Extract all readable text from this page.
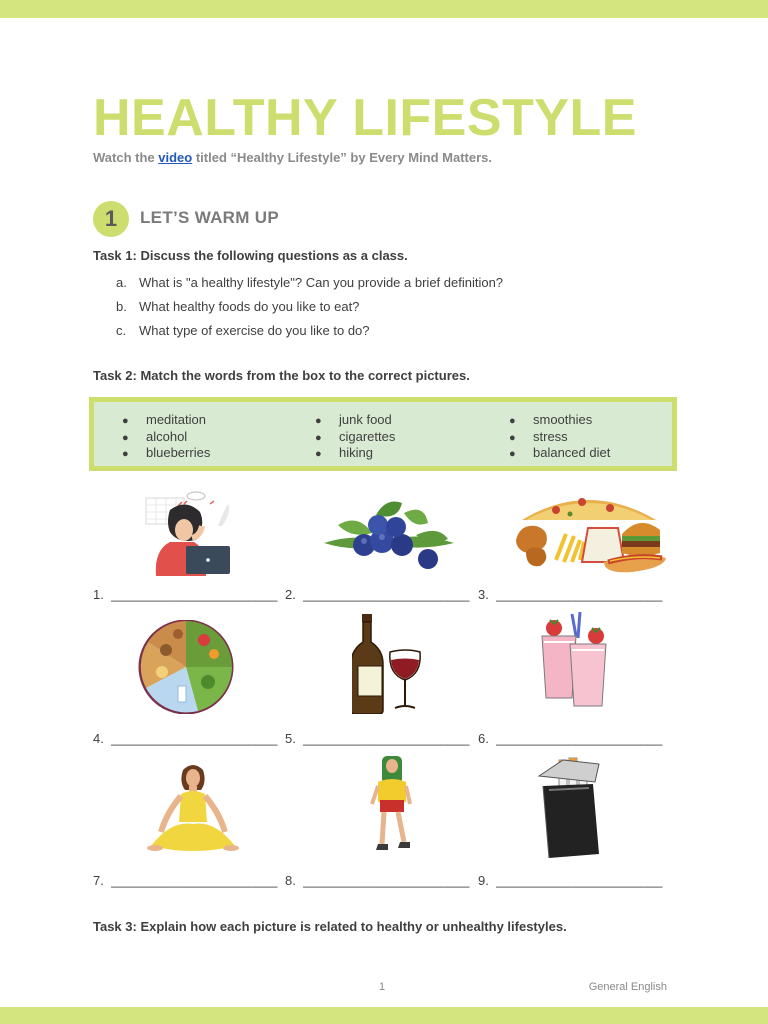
HEALTHY LIFESTYLE
Watch the video titled “Healthy Lifestyle” by Every Mind Matters.
1	LET’S WARM UP
Task 1: Discuss the following questions as a class.
a. What is "a healthy lifestyle"? Can you provide a brief definition?
b. What healthy foods do you like to eat?
c. What type of exercise do you like to do?
Task 2: Match the words from the box to the correct pictures.
● meditation
● alcohol
● blueberries
● junk food
● cigarettes
● hiking
● smoothies
● stress
● balanced diet
1. _______________________ 2. _______________________ 3. _______________________
4. _______________________ 5. _______________________ 6. _______________________
7. _______________________ 8. _______________________ 9. _______________________
Task 3: Explain how each picture is related to healthy or unhealthy lifestyles.
1	General English
